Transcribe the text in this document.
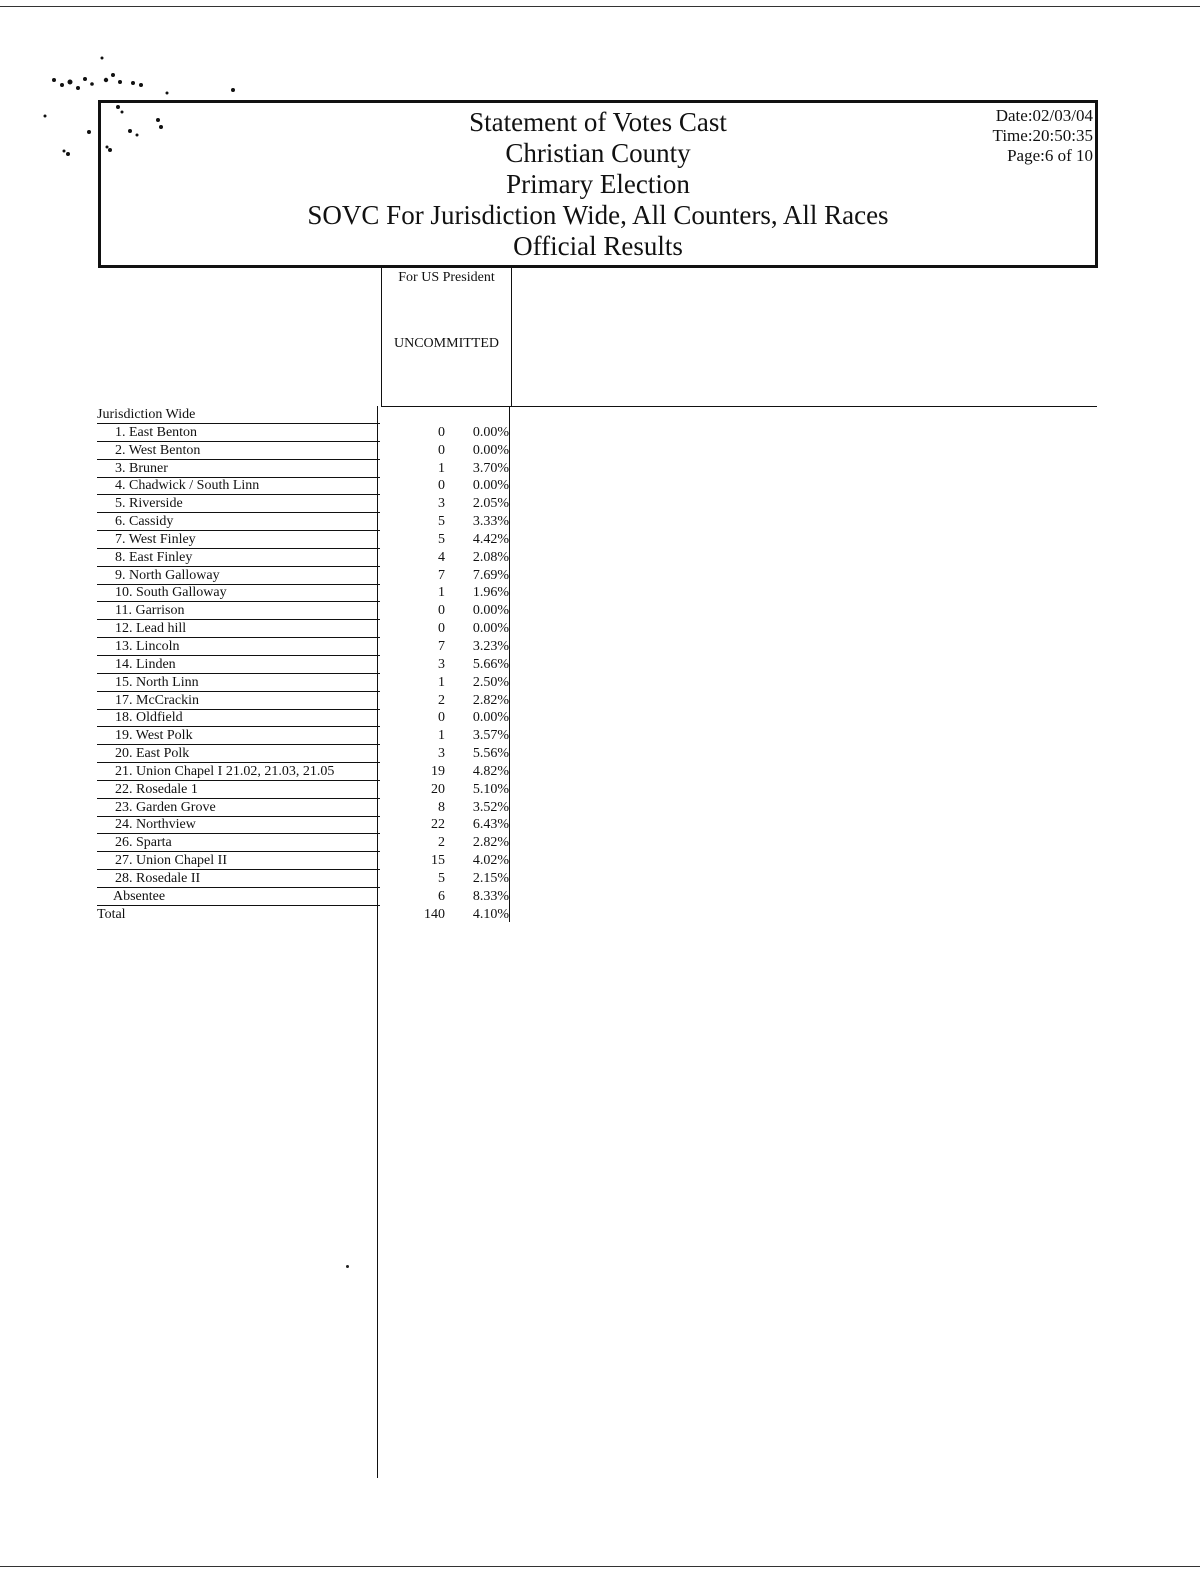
Statement of Votes Cast
Christian County
Primary Election
SOVC For Jurisdiction Wide, All Counters, All Races
Official Results
Date:02/03/04
Time:20:50:35
Page:6 of 10
For US President
UNCOMMITTED
Jurisdiction Wide
1. East Benton	0	0.00%
2. West Benton	0	0.00%
3. Bruner	1	3.70%
4. Chadwick / South Linn	0	0.00%
5. Riverside	3	2.05%
6. Cassidy	5	3.33%
7. West Finley	5	4.42%
8. East Finley	4	2.08%
9. North Galloway	7	7.69%
10. South Galloway	1	1.96%
11. Garrison	0	0.00%
12. Lead hill	0	0.00%
13. Lincoln	7	3.23%
14. Linden	3	5.66%
15. North Linn	1	2.50%
17. McCrackin	2	2.82%
18. Oldfield	0	0.00%
19. West Polk	1	3.57%
20. East Polk	3	5.56%
21. Union Chapel I 21.02, 21.03, 21.05	19	4.82%
22. Rosedale 1	20	5.10%
23. Garden Grove	8	3.52%
24. Northview	22	6.43%
26. Sparta	2	2.82%
27. Union Chapel II	15	4.02%
28. Rosedale II	5	2.15%
Absentee	6	8.33%
Total	140	4.10%
